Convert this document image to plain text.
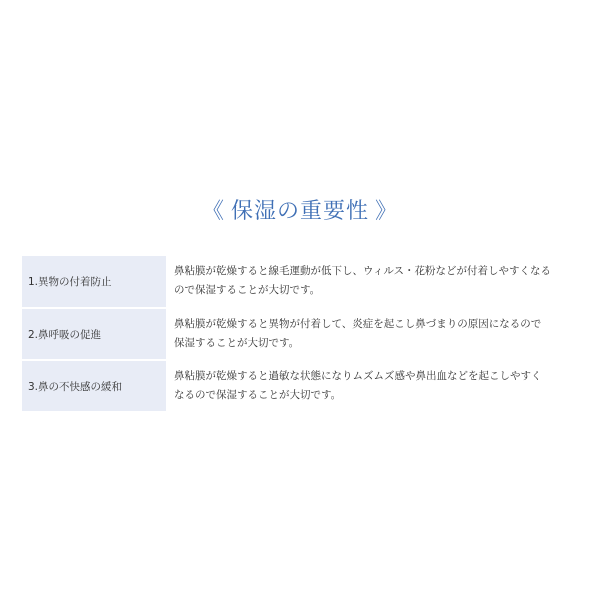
《 保湿の重要性 》
1.異物の付着防止
鼻粘膜が乾燥すると線毛運動が低下し、ウィルス・花粉などが付着しやすくなる
ので保湿することが大切です。
2.鼻呼吸の促進
鼻粘膜が乾燥すると異物が付着して、炎症を起こし鼻づまりの原因になるので
保湿することが大切です。
3.鼻の不快感の緩和
鼻粘膜が乾燥すると過敏な状態になりムズムズ感や鼻出血などを起こしやすく
なるので保湿することが大切です。
